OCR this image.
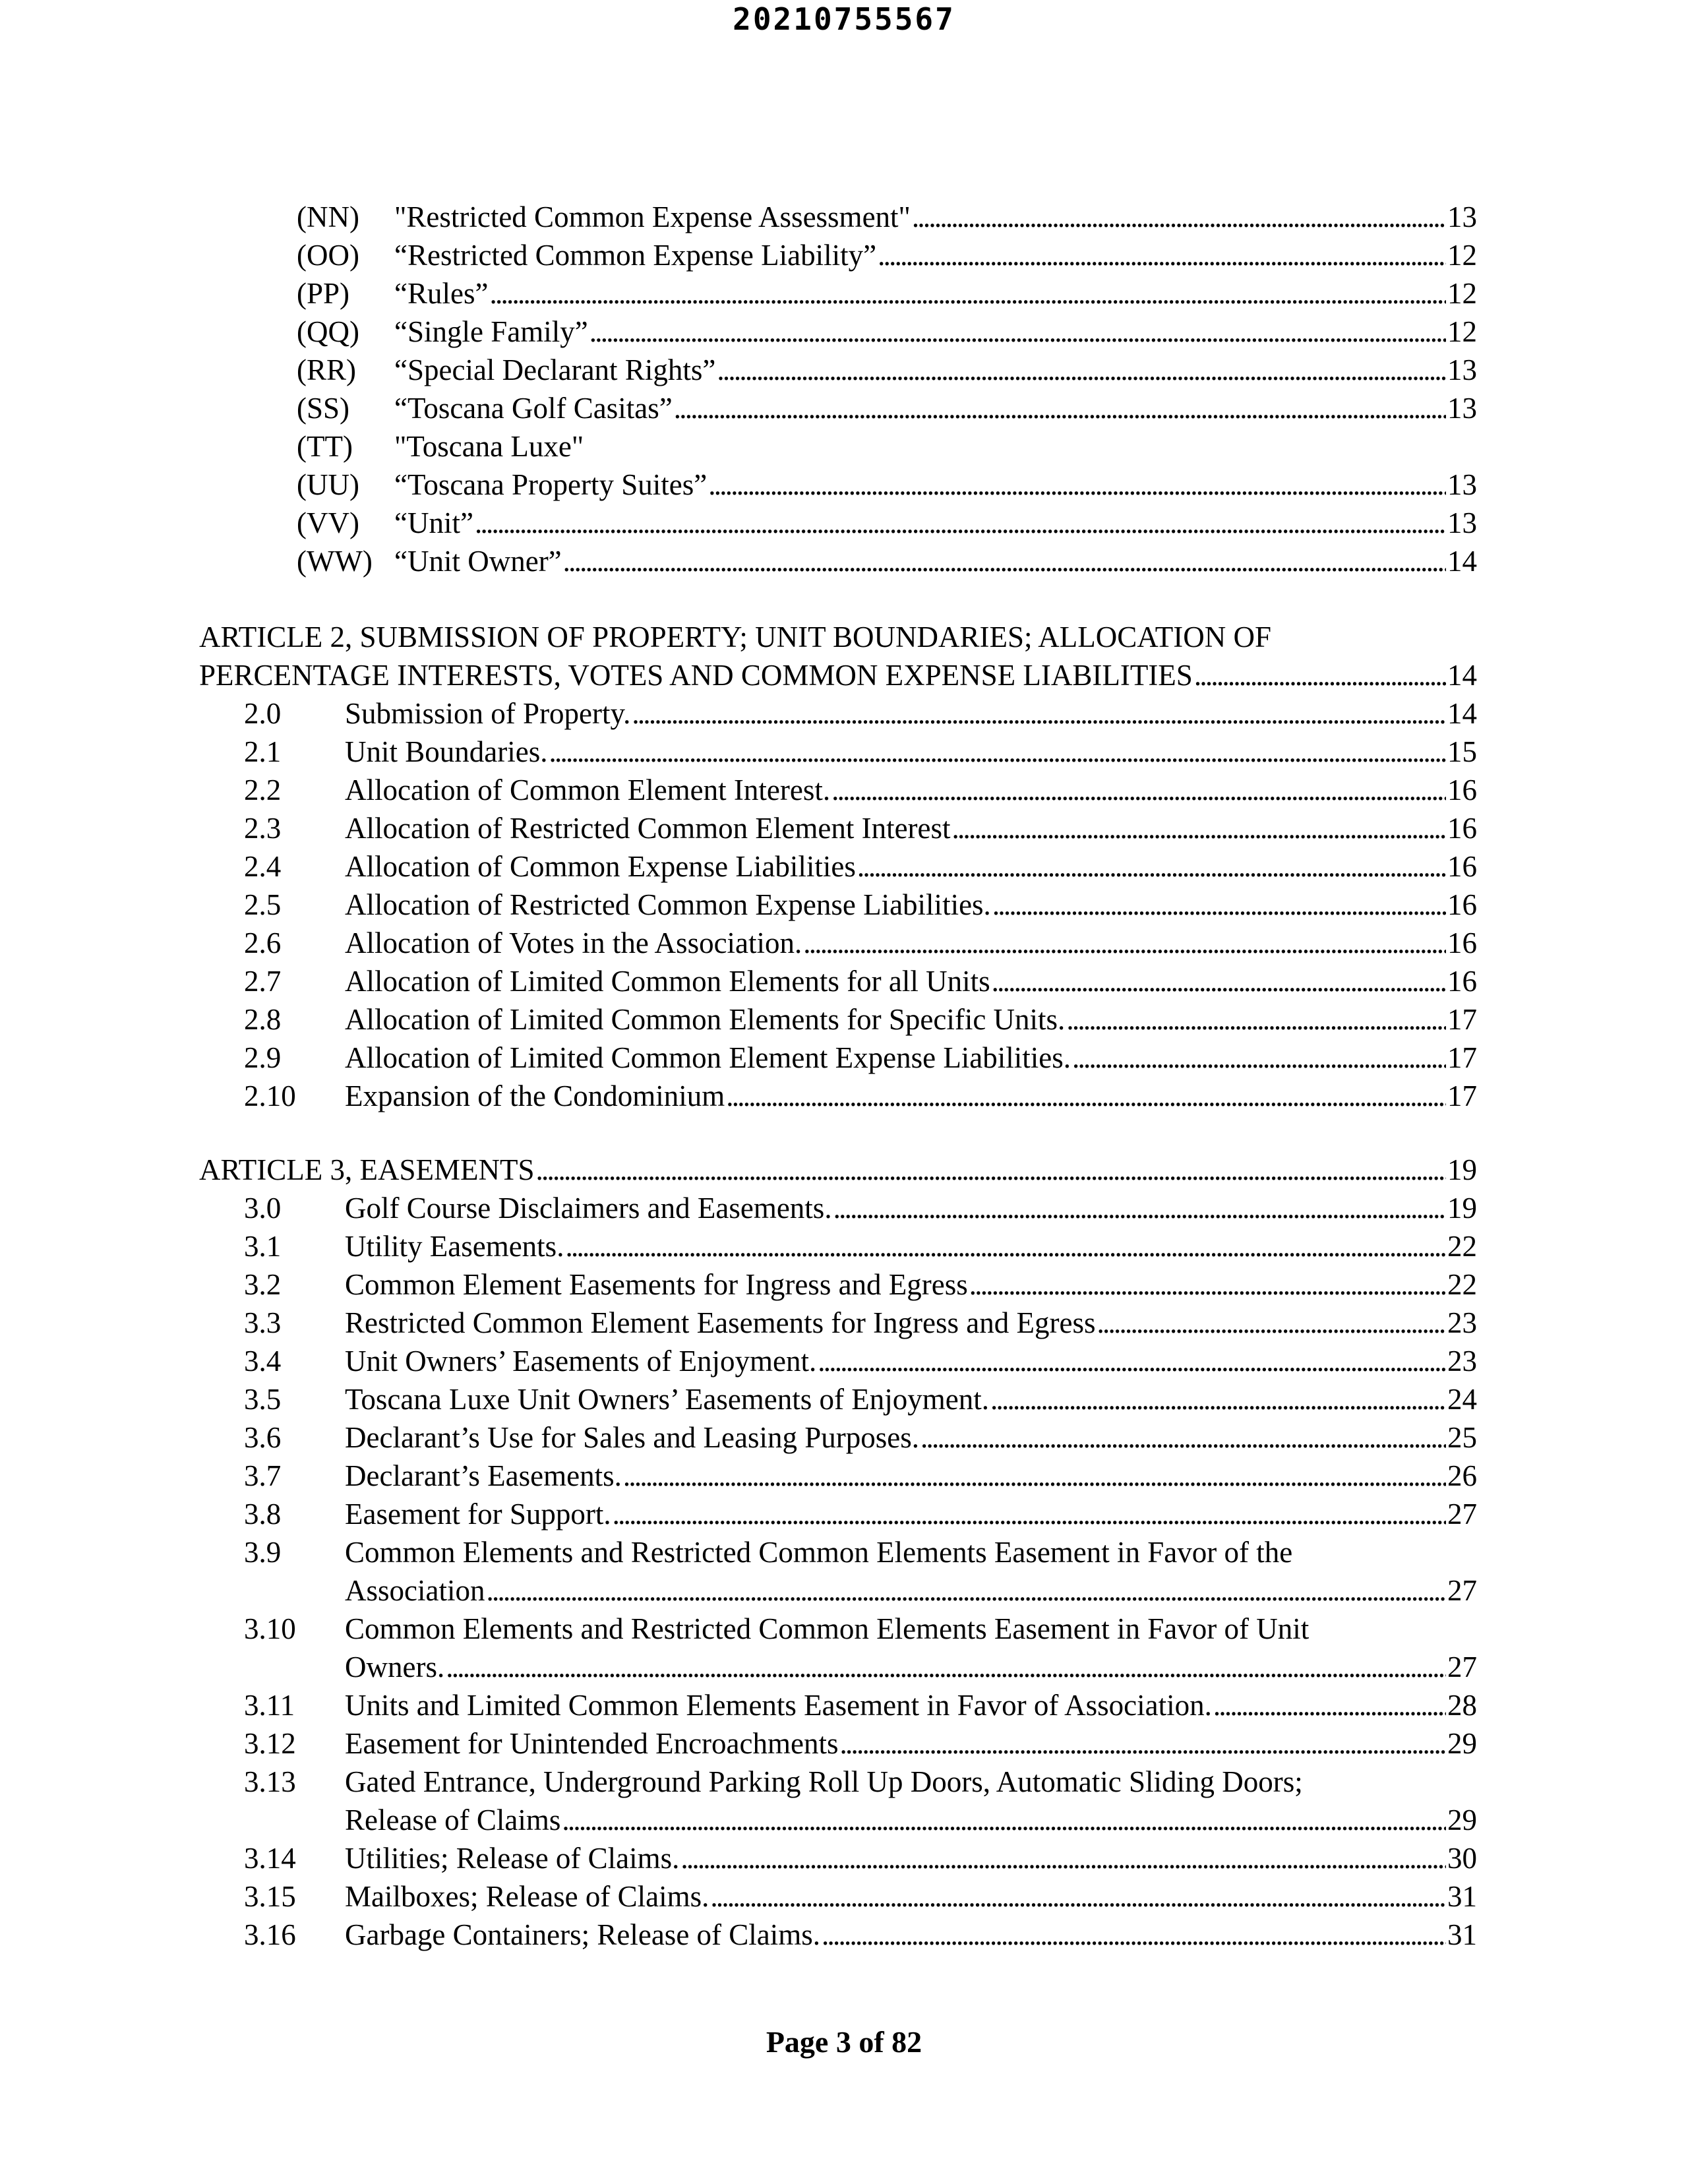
20210755567
(NN) "Restricted Common Expense Assessment" . . .	13
(OO) “Restricted Common Expense Liability” . . .	12
(PP) “Rules” . . .	12
(QQ) “Single Family” . . .	12
(RR) “Special Declarant Rights” . . .	13
(SS) “Toscana Golf Casitas” . . .	13
(TT) "Toscana Luxe"
(UU) “Toscana Property Suites” . . .	13
(VV) “Unit” . . .	13
(WW) “Unit Owner” . . .	14
ARTICLE 2, SUBMISSION OF PROPERTY; UNIT BOUNDARIES; ALLOCATION OF
PERCENTAGE INTERESTS, VOTES AND COMMON EXPENSE LIABILITIES . . .	14
2.0 Submission of Property. . . .	14
2.1 Unit Boundaries. . . .	15
2.2 Allocation of Common Element Interest. . . .	16
2.3 Allocation of Restricted Common Element Interest . . .	16
2.4 Allocation of Common Expense Liabilities . . .	16
2.5 Allocation of Restricted Common Expense Liabilities. . . .	16
2.6 Allocation of Votes in the Association. . . .	16
2.7 Allocation of Limited Common Elements for all Units . . .	16
2.8 Allocation of Limited Common Elements for Specific Units. . . .	17
2.9 Allocation of Limited Common Element Expense Liabilities. . . .	17
2.10 Expansion of the Condominium . . .	17
ARTICLE 3, EASEMENTS . . .	19
3.0 Golf Course Disclaimers and Easements. . . .	19
3.1 Utility Easements. . . .	22
3.2 Common Element Easements for Ingress and Egress . . .	22
3.3 Restricted Common Element Easements for Ingress and Egress . . .	23
3.4 Unit Owners’ Easements of Enjoyment. . . .	23
3.5 Toscana Luxe Unit Owners’ Easements of Enjoyment. . . .	24
3.6 Declarant’s Use for Sales and Leasing Purposes. . . .	25
3.7 Declarant’s Easements. . . .	26
3.8 Easement for Support. . . .	27
3.9 Common Elements and Restricted Common Elements Easement in Favor of the
Association . . .	27
3.10 Common Elements and Restricted Common Elements Easement in Favor of Unit
Owners. . . .	27
3.11 Units and Limited Common Elements Easement in Favor of Association. . . .	28
3.12 Easement for Unintended Encroachments . . .	29
3.13 Gated Entrance, Underground Parking Roll Up Doors, Automatic Sliding Doors;
Release of Claims . . .	29
3.14 Utilities; Release of Claims. . . .	30
3.15 Mailboxes; Release of Claims. . . .	31
3.16 Garbage Containers; Release of Claims. . . .	31
Page 3 of 82
